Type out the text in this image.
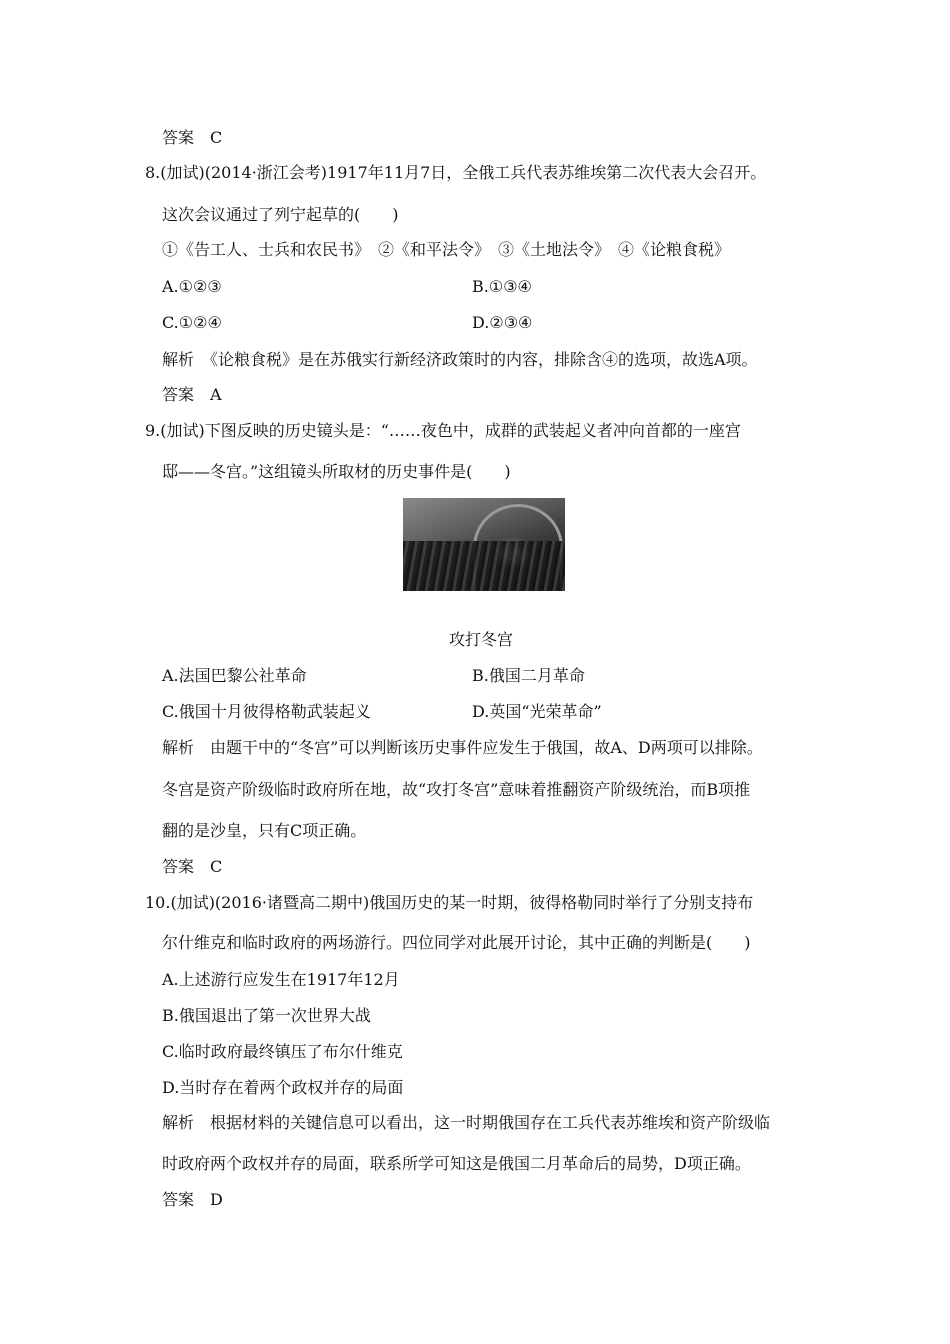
答案　C
8.(加试)(2014·浙江会考)1917年11月7日，全俄工兵代表苏维埃第二次代表大会召开。
这次会议通过了列宁起草的(　　)
①《告工人、士兵和农民书》　②《和平法令》　③《土地法令》　④《论粮食税》
A.①②③	B.①③④
C.①②④	D.②③④
解析　《论粮食税》是在苏俄实行新经济政策时的内容，排除含④的选项，故选A项。
答案　A
9.(加试)下图反映的历史镜头是：“……夜色中，成群的武装起义者冲向首都的一座宫
邸——冬宫。”这组镜头所取材的历史事件是(　　)
攻打冬宫
A.法国巴黎公社革命	B.俄国二月革命
C.俄国十月彼得格勒武装起义	D.英国“光荣革命”
解析　由题干中的“冬宫”可以判断该历史事件应发生于俄国，故A、D两项可以排除。
冬宫是资产阶级临时政府所在地，故“攻打冬宫”意味着推翻资产阶级统治，而B项推
翻的是沙皇，只有C项正确。
答案　C
10.(加试)(2016·诸暨高二期中)俄国历史的某一时期，彼得格勒同时举行了分别支持布
尔什维克和临时政府的两场游行。四位同学对此展开讨论，其中正确的判断是(　　)
A.上述游行应发生在1917年12月
B.俄国退出了第一次世界大战
C.临时政府最终镇压了布尔什维克
D.当时存在着两个政权并存的局面
解析　根据材料的关键信息可以看出，这一时期俄国存在工兵代表苏维埃和资产阶级临
时政府两个政权并存的局面，联系所学可知这是俄国二月革命后的局势，D项正确。
答案　D
